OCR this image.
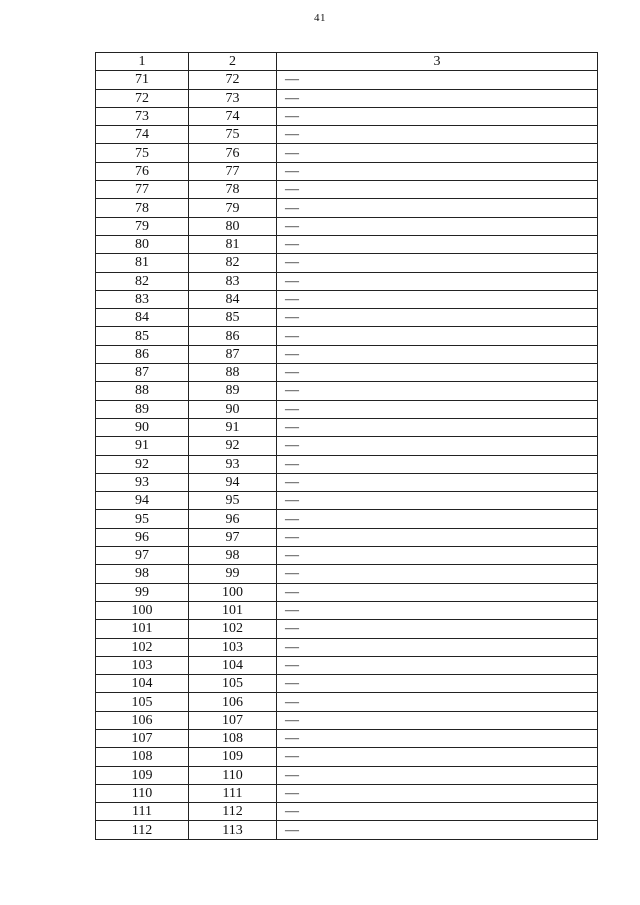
41
1	2	3
71	72	—
72	73	—
73	74	—
74	75	—
75	76	—
76	77	—
77	78	—
78	79	—
79	80	—
80	81	—
81	82	—
82	83	—
83	84	—
84	85	—
85	86	—
86	87	—
87	88	—
88	89	—
89	90	—
90	91	—
91	92	—
92	93	—
93	94	—
94	95	—
95	96	—
96	97	—
97	98	—
98	99	—
99	100	—
100	101	—
101	102	—
102	103	—
103	104	—
104	105	—
105	106	—
106	107	—
107	108	—
108	109	—
109	110	—
110	111	—
111	112	—
112	113	—
